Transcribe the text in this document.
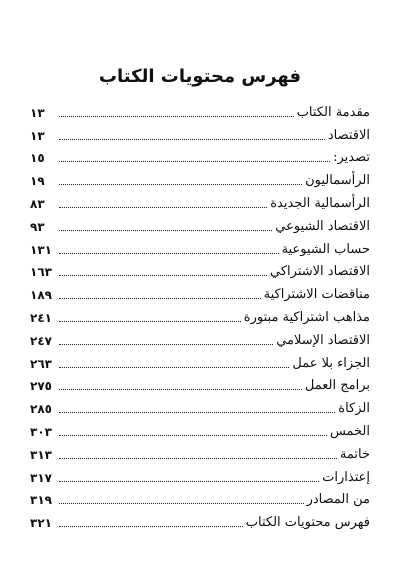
فهرس محتويات الكتاب
مقدمة الكتاب
١٣
الاقتصاد
١٣
تصدير:
١٥
الرأسماليون
١٩
الرأسمالية الجديدة
٨٣
الاقتصاد الشيوعي
٩٣
حساب الشيوعية
١٣١
الاقتصاد الاشتراكي
١٦٣
مناقضات الاشتراكية
١٨٩
مذاهب اشتراكية مبتورة
٢٤١
الاقتصاد الإسلامي
٢٤٧
الجزاء بلا عمل
٢٦٣
برامج العمل
٢٧٥
الزكاة
٢٨٥
الخمس
٣٠٣
خاتمة
٣١٣
إعتذارات
٣١٧
من المصادر
٣١٩
فهرس محتويات الكتاب
٣٢١
